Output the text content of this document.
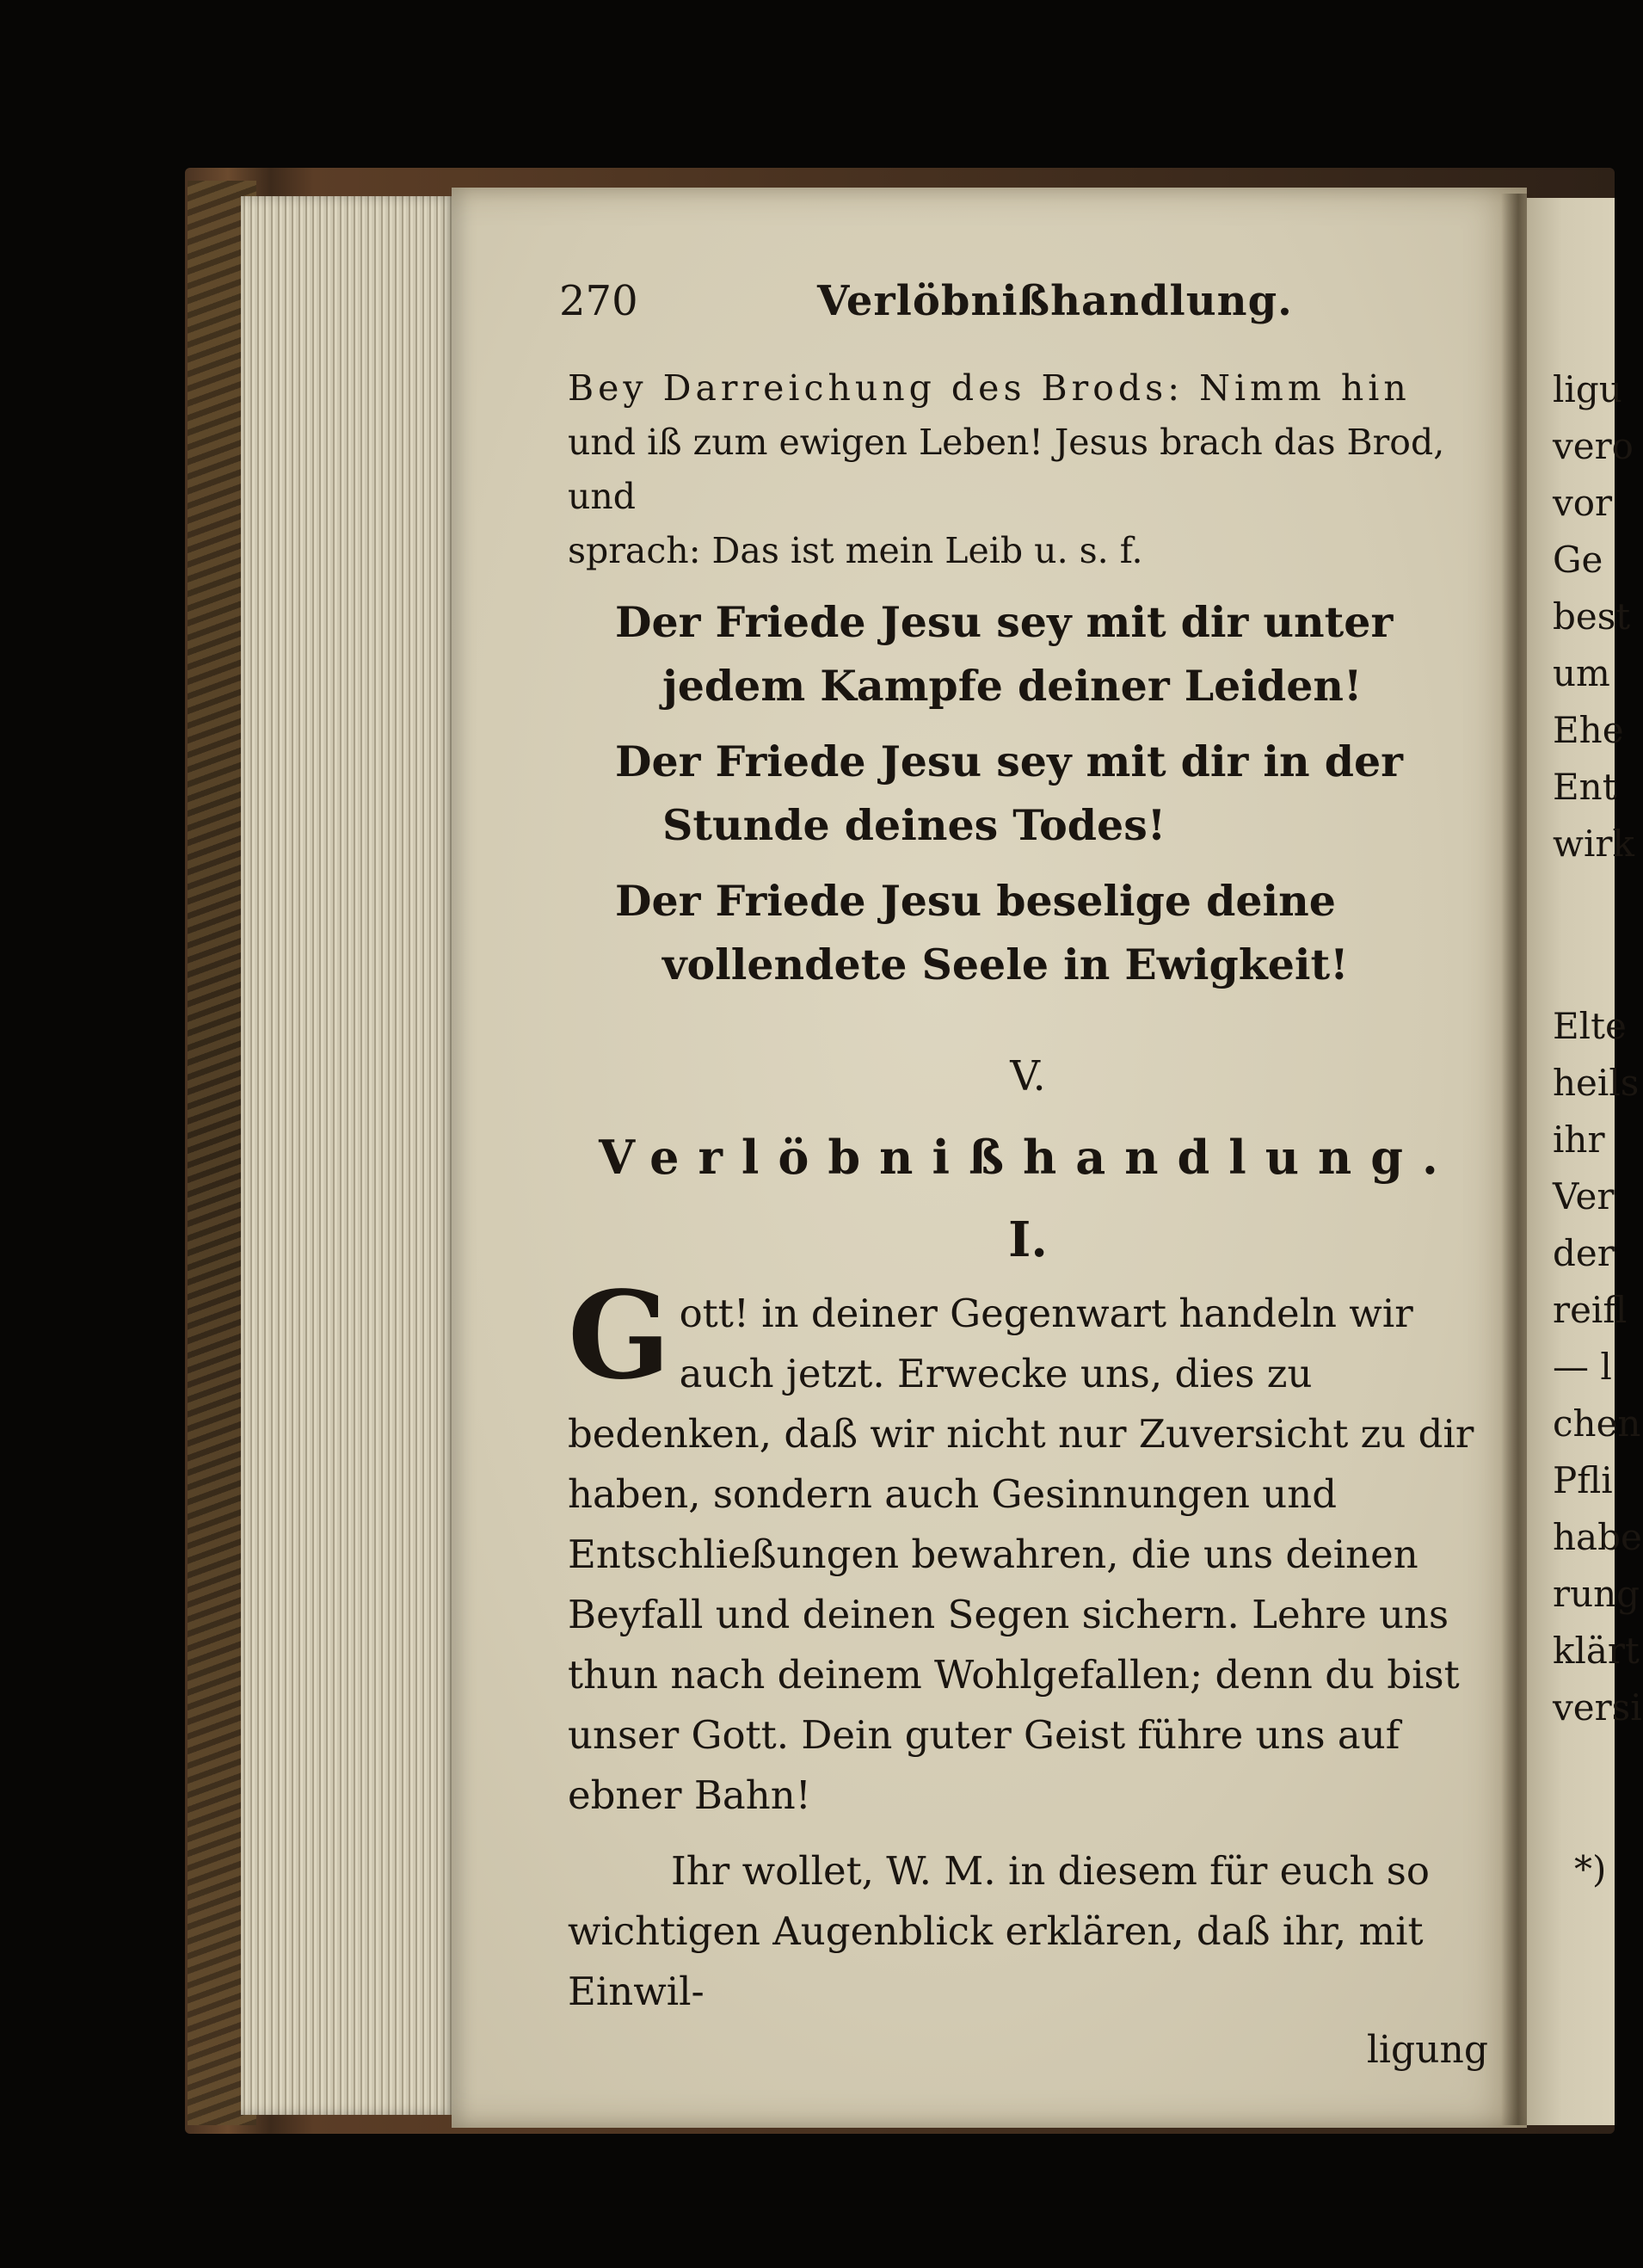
270	Verlöbnißhandlung.

Bey Darreichung des Brods: Nimm hin

und iß zum ewigen Leben! Jesus brach das Brod, und

sprach: Das ist mein Leib u. s. f.

Der Friede Jesu sey mit dir unter jedem Kampfe deiner Leiden!

Der Friede Jesu sey mit dir in der Stunde deines Todes!

Der Friede Jesu beselige deine vollendete Seele in Ewigkeit!

V.

Verlöbnißhandlung.

I.

Gott! in deiner Gegenwart handeln wir auch jetzt. Erwecke uns, dies zu bedenken, daß wir nicht nur Zuversicht zu dir haben, sondern auch Gesinnungen und Entschließungen bewahren, die uns deinen Beyfall und deinen Segen sichern. Lehre uns thun nach deinem Wohlgefallen; denn du bist unser Gott. Dein guter Geist führe uns auf ebner Bahn!

Ihr wollet, W. M. in diesem für euch so wichtigen Augenblick erklären, daß ihr, mit Einwil-

ligung

ligu
vero
vor
Ge
best
um
Ehe
Ent
wirk
Elte
heils
ihr
Ver
der
reifl
— l
chen
Pfli
habe
rung
klärt
versi
*)
